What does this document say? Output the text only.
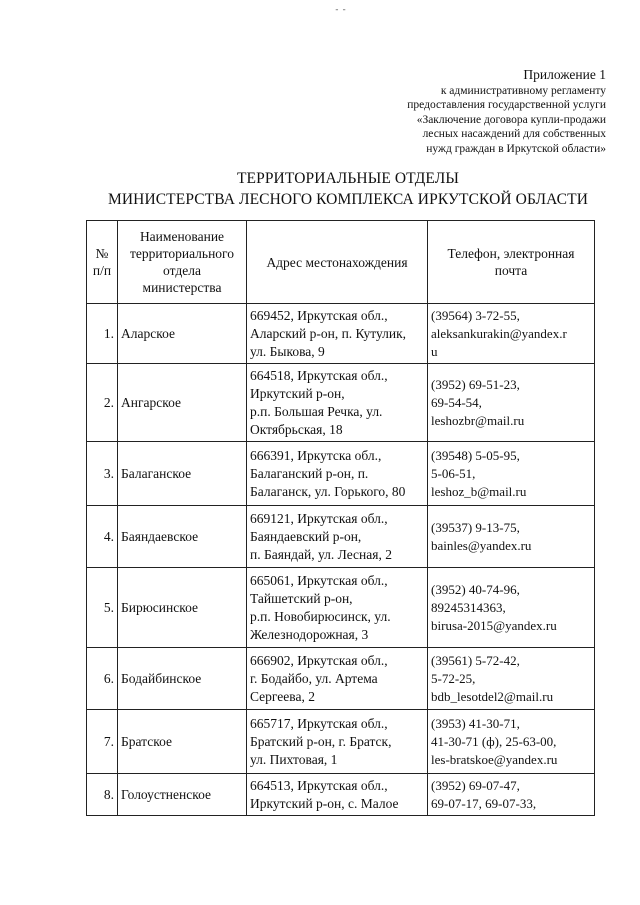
- -
Приложение 1
к административному регламенту
предоставления государственной услуги
«Заключение договора купли-продажи
лесных насаждений для собственных
нужд граждан в Иркутской области»
ТЕРРИТОРИАЛЬНЫЕ ОТДЕЛЫ
МИНИСТЕРСТВА ЛЕСНОГО КОМПЛЕКСА ИРКУТСКОЙ ОБЛАСТИ
№
п/п	Наименование
территориального
отдела
министерства	Адрес местонахождения	Телефон, электронная
почта
1.	Аларское	669452, Иркутская обл.,
Аларский р-он, п. Кутулик,
ул. Быкова, 9	(39564) 3-72-55,
aleksankurakin@yandex.r
u
2.	Ангарское	664518, Иркутская обл.,
Иркутский р-он,
р.п. Большая Речка, ул.
Октябрьская, 18	(3952) 69-51-23,
69-54-54,
leshozbr@mail.ru
3.	Балаганское	666391, Иркутска обл.,
Балаганский р-он, п.
Балаганск, ул. Горького, 80	(39548) 5-05-95,
5-06-51,
leshoz_b@mail.ru
4.	Баяндаевское	669121, Иркутская обл.,
Баяндаевский р-он,
п. Баяндай, ул. Лесная, 2	(39537) 9-13-75,
bainles@yandex.ru
5.	Бирюсинское	665061, Иркутская обл.,
Тайшетский р-он,
р.п. Новобирюсинск, ул.
Железнодорожная, 3	(3952) 40-74-96,
89245314363,
birusa-2015@yandex.ru
6.	Бодайбинское	666902, Иркутская обл.,
г. Бодайбо, ул. Артема
Сергеева, 2	(39561) 5-72-42,
5-72-25,
bdb_lesotdel2@mail.ru
7.	Братское	665717, Иркутская обл.,
Братский р-он, г. Братск,
ул. Пихтовая, 1	(3953) 41-30-71,
41-30-71 (ф), 25-63-00,
les-bratskoe@yandex.ru
8.	Голоустненское	664513, Иркутская обл.,
Иркутский р-он, с. Малое	(3952) 69-07-47,
69-07-17, 69-07-33,
